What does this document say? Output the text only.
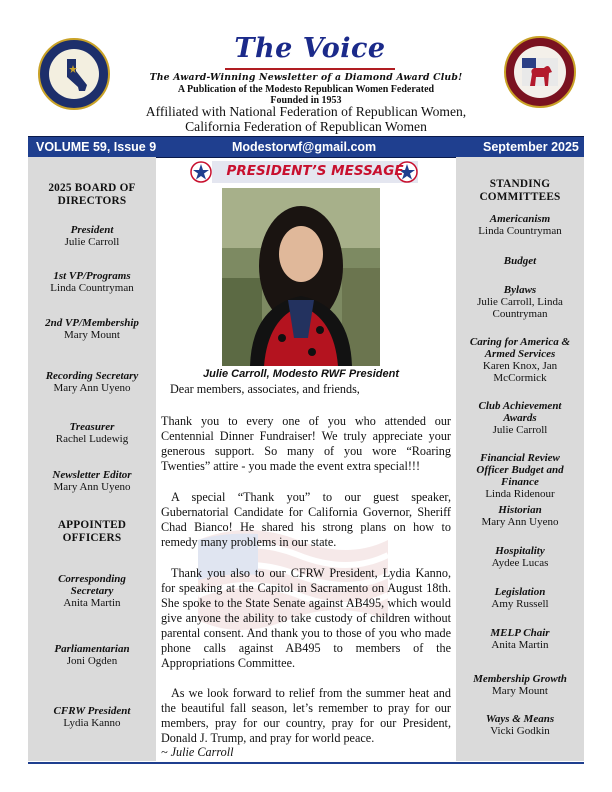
The Voice
The Award-Winning Newsletter of a Diamond Award Club!
A Publication of the Modesto Republican Women Federated
Founded in 1953
Affiliated with National Federation of Republican Women,
California Federation of Republican Women
VOLUME 59, Issue 9	Modestorwf@gmail.com	September 2025
2025 BOARD OF DIRECTORS
President
Julie Carroll
1st VP/Programs
Linda Countryman
2nd VP/Membership
Mary Mount
Recording Secretary
Mary Ann Uyeno
Treasurer
Rachel Ludewig
Newsletter Editor
Mary Ann Uyeno
APPOINTED OFFICERS
Corresponding Secretary
Anita Martin
Parliamentarian
Joni Ogden
CFRW President
Lydia Kanno
STANDING COMMITTEES
Americanism
Linda Countryman
Budget
Bylaws
Julie Carroll, Linda Countryman
Caring for America & Armed Services
Karen Knox, Jan McCormick
Club Achievement Awards
Julie Carroll
Financial Review Officer Budget and Finance
Linda Ridenour
Historian
Mary Ann Uyeno
Hospitality
Aydee Lucas
Legislation
Amy Russell
MELP Chair
Anita Martin
Membership Growth
Mary Mount
Ways & Means
Vicki Godkin
PRESIDENT’S MESSAGE
Julie Carroll, Modesto RWF President
Dear members, associates, and friends,
Thank you to every one of you who attended our Centennial Dinner Fundraiser! We truly appreciate your generous support. So many of you wore “Roaring Twenties” attire - you made the event extra special!!!
A special “Thank you” to our guest speaker, Gubernatorial Candidate for California Governor, Sheriff Chad Bianco! He shared his strong plans on how to remedy many problems in our state.
Thank you also to our CFRW President, Lydia Kanno, for speaking at the Capitol in Sacramento on August 18th. She spoke to the State Senate against AB495, which would give anyone the ability to take custody of children without parental consent. And thank you to those of you who made phone calls against AB495 to members of the Appropriations Committee.
As we look forward to relief from the summer heat and the beautiful fall season, let’s remember to pray for our members, pray for our country, pray for our President, Donald J. Trump, and pray for world peace.
~ Julie Carroll
